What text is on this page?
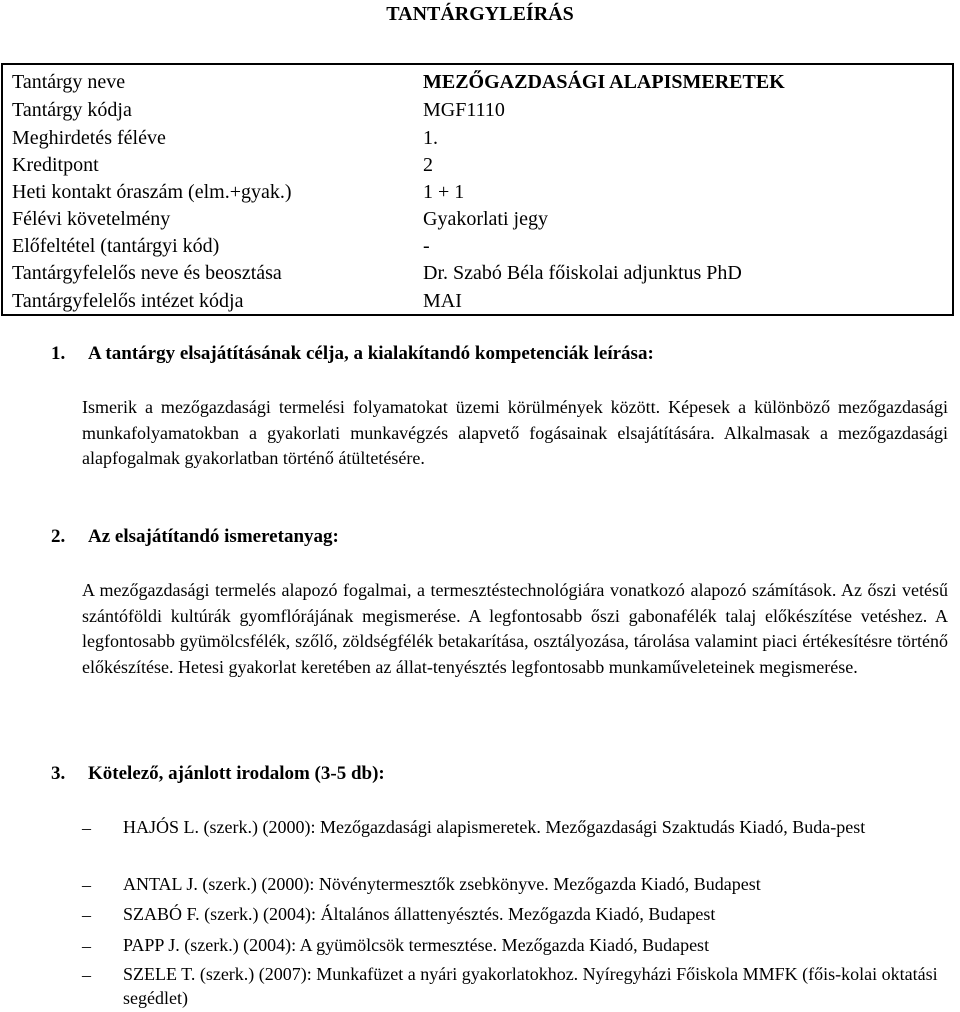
TANTÁRGYLEÍRÁS
Tantárgy neve	MEZŐGAZDASÁGI ALAPISMERETEK
Tantárgy kódja	MGF1110
Meghirdetés féléve	1.
Kreditpont	2
Heti kontakt óraszám (elm.+gyak.)	1 + 1
Félévi követelmény	Gyakorlati jegy
Előfeltétel (tantárgyi kód)	-
Tantárgyfelelős neve és beosztása	Dr. Szabó Béla főiskolai adjunktus PhD
Tantárgyfelelős intézet kódja	MAI
1. A tantárgy elsajátításának célja, a kialakítandó kompetenciák leírása:
Ismerik a mezőgazdasági termelési folyamatokat üzemi körülmények között. Képesek a különböző mezőgazdasági munkafolyamatokban a gyakorlati munkavégzés alapvető fogásainak elsajátítására. Alkalmasak a mezőgazdasági alapfogalmak gyakorlatban történő átültetésére.
2. Az elsajátítandó ismeretanyag:
A mezőgazdasági termelés alapozó fogalmai, a termesztéstechnológiára vonatkozó alapozó számítások. Az őszi vetésű szántóföldi kultúrák gyomflórájának megismerése. A legfontosabb őszi gabonafélék talaj előkészítése vetéshez. A legfontosabb gyümölcsfélék, szőlő, zöldségfélék betakarítása, osztályozása, tárolása valamint piaci értékesítésre történő előkészítése. Hetesi gyakorlat keretében az állat-tenyésztés legfontosabb munkaműveleteinek megismerése.
3. Kötelező, ajánlott irodalom (3-5 db):
– HAJÓS L. (szerk.) (2000): Mezőgazdasági alapismeretek. Mezőgazdasági Szaktudás Kiadó, Buda-pest
– ANTAL J. (szerk.) (2000): Növénytermesztők zsebkönyve. Mezőgazda Kiadó, Budapest
– SZABÓ F. (szerk.) (2004): Általános állattenyésztés. Mezőgazda Kiadó, Budapest
– PAPP J. (szerk.) (2004): A gyümölcsök termesztése. Mezőgazda Kiadó, Budapest
– SZELE T. (szerk.) (2007): Munkafüzet a nyári gyakorlatokhoz. Nyíregyházi Főiskola MMFK (főis-kolai oktatási segédlet)
